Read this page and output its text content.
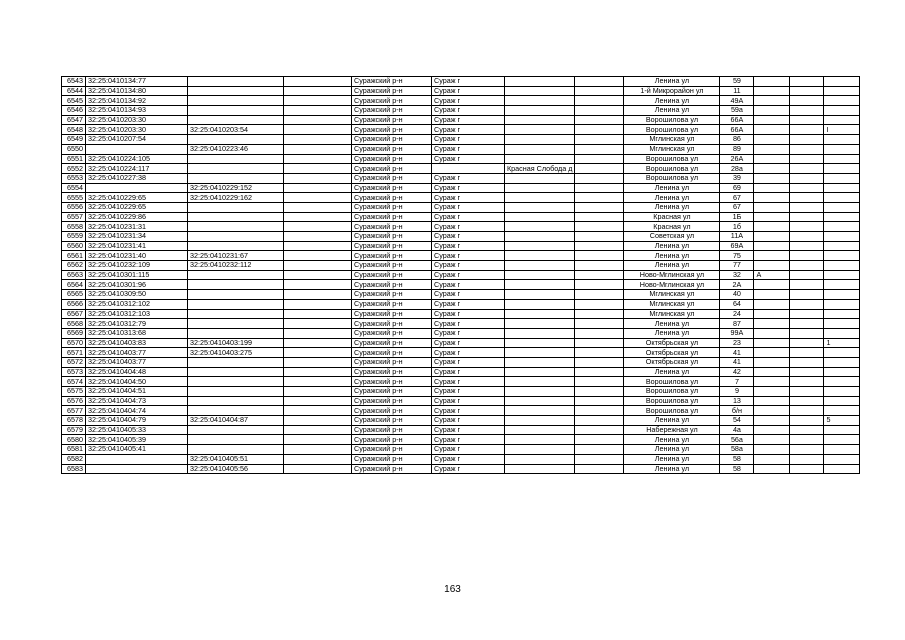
6543	32:25:0410134:77			Суражский р-н	Сураж г			Ленина ул	59			
6544	32:25:0410134:80			Суражский р-н	Сураж г			1-й Микрорайон ул	11			
6545	32:25:0410134:92			Суражский р-н	Сураж г			Ленина ул	49А			
6546	32:25:0410134:93			Суражский р-н	Сураж г			Ленина ул	59а			
6547	32:25:0410203:30			Суражский р-н	Сураж г			Ворошилова ул	66А			
6548	32:25:0410203:30	32:25:0410203:54		Суражский р-н	Сураж г			Ворошилова ул	66А			I
6549	32:25:0410207:54			Суражский р-н	Сураж г			Мглинская ул	86			
6550		32:25:0410223:46		Суражский р-н	Сураж г			Мглинская ул	89			
6551	32:25:0410224:105			Суражский р-н	Сураж г			Ворошилова ул	26А			
6552	32:25:0410224:117			Суражский р-н		Красная Слобода д		Ворошилова ул	28а			
6553	32:25:0410227:38			Суражский р-н	Сураж г			Ворошилова ул	39			
6554		32:25:0410229:152		Суражский р-н	Сураж г			Ленина ул	69			
6555	32:25:0410229:65	32:25:0410229:162		Суражский р-н	Сураж г			Ленина ул	67			
6556	32:25:0410229:65			Суражский р-н	Сураж г			Ленина ул	67			
6557	32:25:0410229:86			Суражский р-н	Сураж г			Красная ул	1Б			
6558	32:25:0410231:31			Суражский р-н	Сураж г			Красная ул	1б			
6559	32:25:0410231:34			Суражский р-н	Сураж г			Советская ул	11А			
6560	32:25:0410231:41			Суражский р-н	Сураж г			Ленина ул	69А			
6561	32:25:0410231:40	32:25:0410231:67		Суражский р-н	Сураж г			Ленина ул	75			
6562	32:25:0410232:109	32:25:0410232:112		Суражский р-н	Сураж г			Ленина ул	77			
6563	32:25:0410301:115			Суражский р-н	Сураж г			Ново-Мглинская ул	32	А		
6564	32:25:0410301:96			Суражский р-н	Сураж г			Ново-Мглинская ул	2А			
6565	32:25:0410309:50			Суражский р-н	Сураж г			Мглинская ул	40			
6566	32:25:0410312:102			Суражский р-н	Сураж г			Мглинская ул	64			
6567	32:25:0410312:103			Суражский р-н	Сураж г			Мглинская ул	24			
6568	32:25:0410312:79			Суражский р-н	Сураж г			Ленина ул	87			
6569	32:25:0410313:68			Суражский р-н	Сураж г			Ленина ул	99А			
6570	32:25:0410403:83	32:25:0410403:199		Суражский р-н	Сураж г			Октябрьская ул	23			1
6571	32:25:0410403:77	32:25:0410403:275		Суражский р-н	Сураж г			Октябрьская ул	41			
6572	32:25:0410403:77			Суражский р-н	Сураж г			Октябрьская ул	41			
6573	32:25:0410404:48			Суражский р-н	Сураж г			Ленина ул	42			
6574	32:25:0410404:50			Суражский р-н	Сураж г			Ворошилова ул	7			
6575	32:25:0410404:51			Суражский р-н	Сураж г			Ворошилова ул	9			
6576	32:25:0410404:73			Суражский р-н	Сураж г			Ворошилова ул	13			
6577	32:25:0410404:74			Суражский р-н	Сураж г			Ворошилова ул	б/н			
6578	32:25:0410404:79	32:25:0410404:87		Суражский р-н	Сураж г			Ленина ул	54			5
6579	32:25:0410405:33			Суражский р-н	Сураж г			Набережная ул	4а			
6580	32:25:0410405:39			Суражский р-н	Сураж г			Ленина ул	56а			
6581	32:25:0410405:41			Суражский р-н	Сураж г			Ленина ул	58а			
6582		32:25:0410405:51		Суражский р-н	Сураж г			Ленина ул	58			
6583		32:25:0410405:56		Суражский р-н	Сураж г			Ленина ул	58			
163
